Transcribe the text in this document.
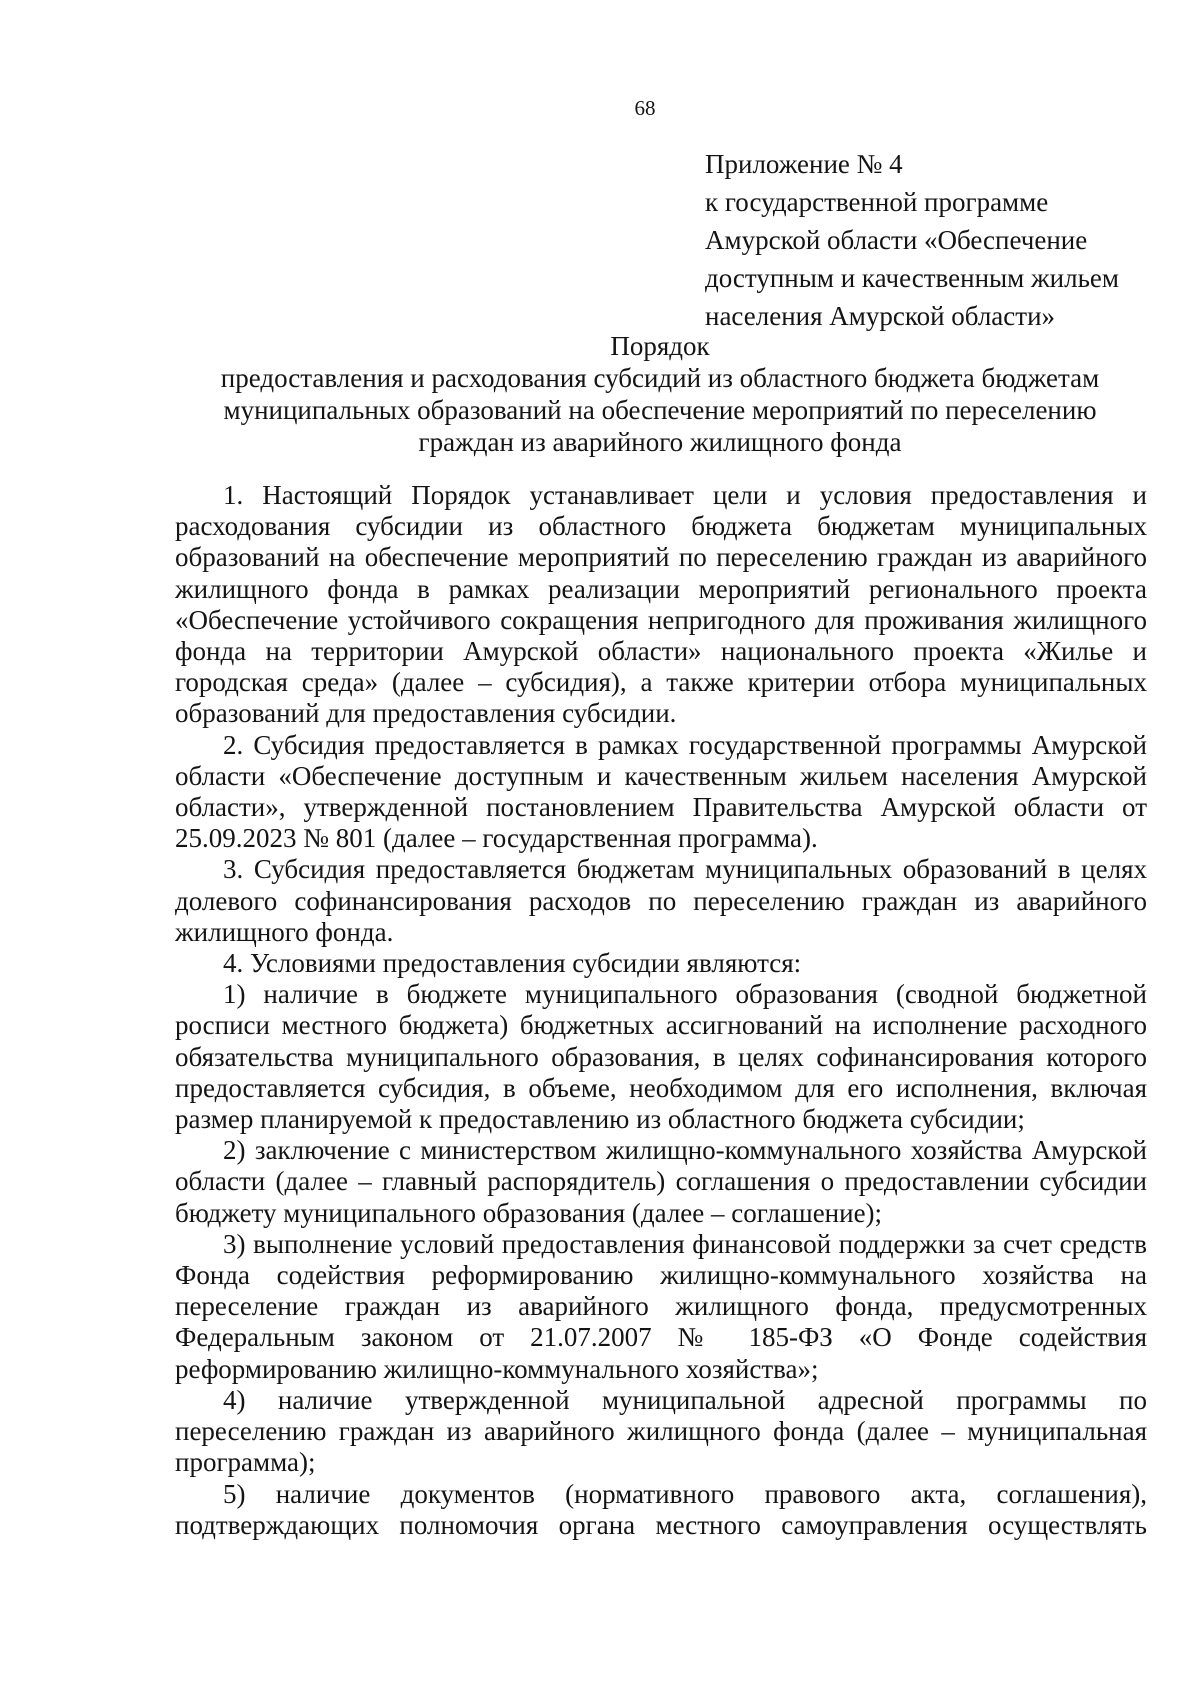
68
Приложение № 4
к государственной программе
Амурской области «Обеспечение
доступным и качественным жильем
населения Амурской области»
Порядок
предоставления и расходования субсидий из областного бюджета бюджетам
муниципальных образований на обеспечение мероприятий по переселению
граждан из аварийного жилищного фонда

1. Настоящий Порядок устанавливает цели и условия предоставления и расходования субсидии из областного бюджета бюджетам муниципальных образований на обеспечение мероприятий по переселению граждан из аварийного жилищного фонда в рамках реализации мероприятий регионального проекта «Обеспечение устойчивого сокращения непригодного для проживания жилищного фонда на территории Амурской области» национального проекта «Жилье и городская среда» (далее – субсидия), а также критерии отбора муниципальных образований для предоставления субсидии.

2. Субсидия предоставляется в рамках государственной программы Амурской области «Обеспечение доступным и качественным жильем населения Амурской области», утвержденной постановлением Правительства Амурской области от 25.09.2023 № 801 (далее – государственная программа).

3. Субсидия предоставляется бюджетам муниципальных образований в целях долевого софинансирования расходов по переселению граждан из аварийного жилищного фонда.

4. Условиями предоставления субсидии являются:

1) наличие в бюджете муниципального образования (сводной бюджетной росписи местного бюджета) бюджетных ассигнований на исполнение расходного обязательства муниципального образования, в целях софинансирования которого предоставляется субсидия, в объеме, необходимом для его исполнения, включая размер планируемой к предоставлению из областного бюджета субсидии;

2) заключение с министерством жилищно-коммунального хозяйства Амурской области (далее – главный распорядитель) соглашения о предоставлении субсидии бюджету муниципального образования (далее – соглашение);

3) выполнение условий предоставления финансовой поддержки за счет средств Фонда содействия реформированию жилищно-коммунального хозяйства на переселение граждан из аварийного жилищного фонда, предусмотренных Федеральным законом от 21.07.2007 № 185-ФЗ «О Фонде содействия реформированию жилищно-коммунального хозяйства»;

4) наличие утвержденной муниципальной адресной программы по переселению граждан из аварийного жилищного фонда (далее – муниципальная программа);

5) наличие документов (нормативного правового акта, соглашения), подтверждающих полномочия органа местного самоуправления осуществлять
